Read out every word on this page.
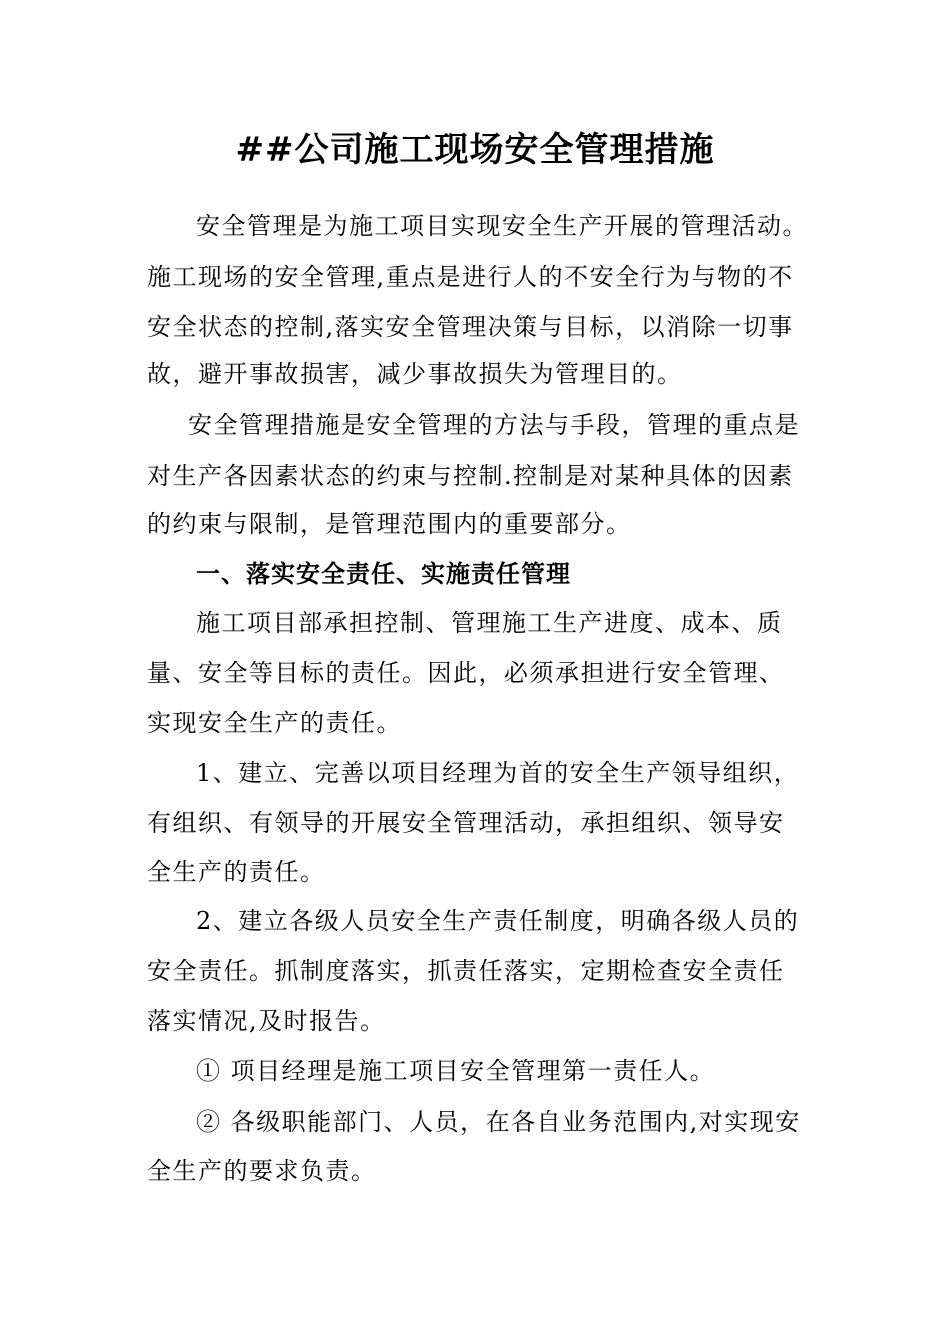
##公司施工现场安全管理措施

安全管理是为施工项目实现安全生产开展的管理活动。

施工现场的安全管理,重点是进行人的不安全行为与物的不

安全状态的控制,落实安全管理决策与目标，以消除一切事

故，避开事故损害，减少事故损失为管理目的。

安全管理措施是安全管理的方法与手段，管理的重点是

对生产各因素状态的约束与控制.控制是对某种具体的因素

的约束与限制，是管理范围内的重要部分。

一、落实安全责任、实施责任管理

施工项目部承担控制、管理施工生产进度、成本、质

量、安全等目标的责任。因此，必须承担进行安全管理、

实现安全生产的责任。

1、建立、完善以项目经理为首的安全生产领导组织，

有组织、有领导的开展安全管理活动，承担组织、领导安

全生产的责任。

2、建立各级人员安全生产责任制度，明确各级人员的

安全责任。抓制度落实，抓责任落实，定期检查安全责任

落实情况,及时报告。

① 项目经理是施工项目安全管理第一责任人。

② 各级职能部门、人员，在各自业务范围内,对实现安

全生产的要求负责。
